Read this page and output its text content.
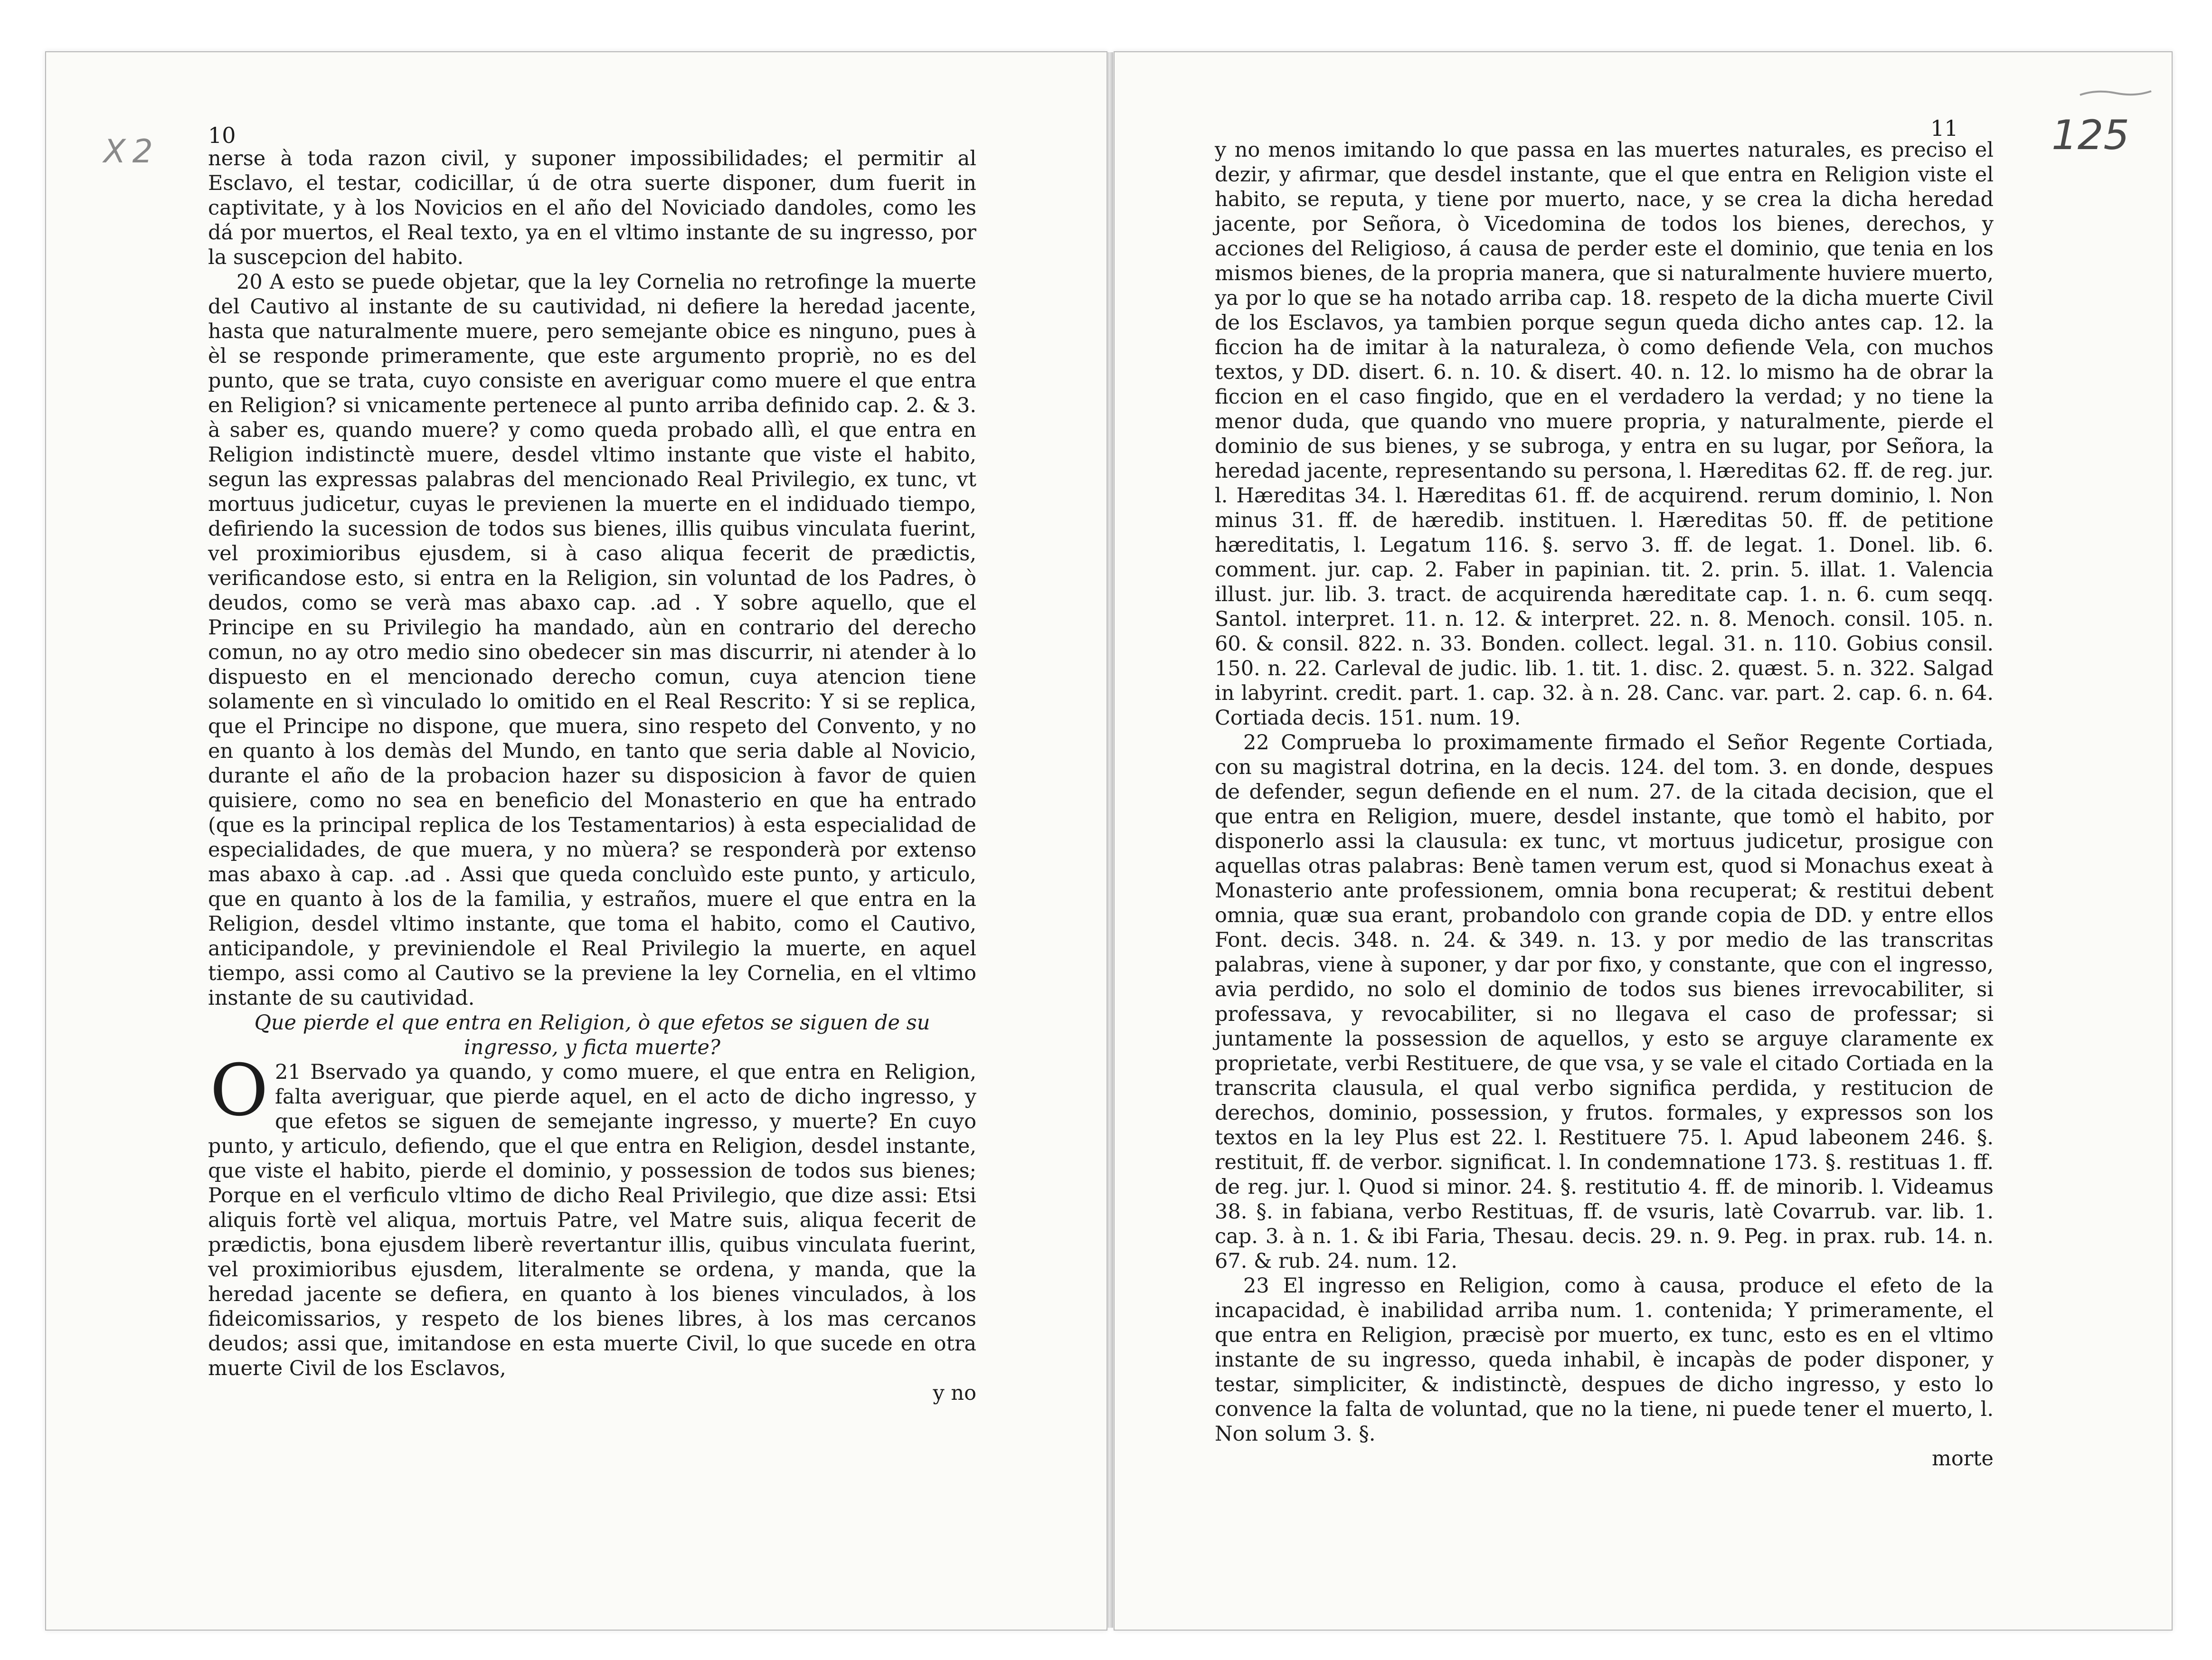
X2 10

nerse à toda razon civil, y suponer impossibilidades; el permitir al Esclavo, el testar, codicillar, ú de otra suerte disponer, dum fuerit in captivitate, y à los Novicios en el año del Noviciado dandoles, como les dá por muertos, el Real texto, ya en el vltimo instante de su ingresso, por la suscepcion del habito.

20 A esto se puede objetar, que la ley Cornelia no retrofinge la muerte del Cautivo al instante de su cautividad, ni defiere la heredad jacente, hasta que naturalmente muere, pero semejante obice es ninguno, pues à èl se responde primeramente, que este argumento propriè, no es del punto, que se trata, cuyo consiste en averiguar como muere el que entra en Religion? si vnicamente pertenece al punto arriba definido cap. 2. & 3. à saber es, quando muere? y como queda probado allì, el que entra en Religion indistinctè muere, desdel vltimo instante que viste el habito, segun las expressas palabras del mencionado Real Privilegio, ex tunc, vt mortuus judicetur, cuyas le previenen la muerte en el indiduado tiempo, defiriendo la sucession de todos sus bienes, illis quibus vinculata fuerint, vel proximioribus ejusdem, si à caso aliqua fecerit de prædictis, verificandose esto, si entra en la Religion, sin voluntad de los Padres, ò deudos, como se verà mas abaxo cap. .ad . Y sobre aquello, que el Principe en su Privilegio ha mandado, aùn en contrario del derecho comun, no ay otro medio sino obedecer sin mas discurrir, ni atender à lo dispuesto en el mencionado derecho comun, cuya atencion tiene solamente en sì vinculado lo omitido en el Real Rescrito: Y si se replica, que el Principe no dispone, que muera, sino respeto del Convento, y no en quanto à los demàs del Mundo, en tanto que seria dable al Novicio, durante el año de la probacion hazer su disposicion à favor de quien quisiere, como no sea en beneficio del Monasterio en que ha entrado (que es la principal replica de los Testamentarios) à esta especialidad de especialidades, de que muera, y no mùera? se responderà por extenso mas abaxo à cap. .ad . Assi que queda concluìdo este punto, y articulo, que en quanto à los de la familia, y estraños, muere el que entra en la Religion, desdel vltimo instante, que toma el habito, como el Cautivo, anticipandole, y previniendole el Real Privilegio la muerte, en aquel tiempo, assi como al Cautivo se la previene la ley Cornelia, en el vltimo instante de su cautividad.

Que pierde el que entra en Religion, ò que efetos se siguen de su ingresso, y ficta muerte?

21
O Bservado ya quando, y como muere, el que entra en Religion, falta averiguar, que pierde aquel, en el acto de dicho ingresso, y que efetos se siguen de semejante ingresso, y muerte? En cuyo punto, y articulo, defiendo, que el que entra en Religion, desdel instante, que viste el habito, pierde el dominio, y possession de todos sus bienes; Porque en el verficulo vltimo de dicho Real Privilegio, que dize assi: Etsi aliquis fortè vel aliqua, mortuis Patre, vel Matre suis, aliqua fecerit de prædictis, bona ejusdem liberè revertantur illis, quibus vinculata fuerint, vel proximioribus ejusdem, literalmente se ordena, y manda, que la heredad jacente se defiera, en quanto à los bienes vinculados, à los fideicomissarios, y respeto de los bienes libres, à los mas cercanos deudos; assi que, imitandose en esta muerte Civil, lo que sucede en otra muerte Civil de los Esclavos,

y no

125
11

y no menos imitando lo que passa en las muertes naturales, es preciso el dezir, y afirmar, que desdel instante, que el que entra en Religion viste el habito, se reputa, y tiene por muerto, nace, y se crea la dicha heredad jacente, por Señora, ò Vicedomina de todos los bienes, derechos, y acciones del Religioso, á causa de perder este el dominio, que tenia en los mismos bienes, de la propria manera, que si naturalmente huviere muerto, ya por lo que se ha notado arriba cap. 18. respeto de la dicha muerte Civil de los Esclavos, ya tambien porque segun queda dicho antes cap. 12. la ficcion ha de imitar à la naturaleza, ò como defiende Vela, con muchos textos, y DD. disert. 6. n. 10. & disert. 40. n. 12. lo mismo ha de obrar la ficcion en el caso fingido, que en el verdadero la verdad; y no tiene la menor duda, que quando vno muere propria, y naturalmente, pierde el dominio de sus bienes, y se subroga, y entra en su lugar, por Señora, la heredad jacente, representando su persona, l. Hæreditas 62. ff. de reg. jur. l. Hæreditas 34. l. Hæreditas 61. ff. de acquirend. rerum dominio, l. Non minus 31. ff. de hæredib. instituen. l. Hæreditas 50. ff. de petitione hæreditatis, l. Legatum 116. §. servo 3. ff. de legat. 1. Donel. lib. 6. comment. jur. cap. 2. Faber in papinian. tit. 2. prin. 5. illat. 1. Valencia illust. jur. lib. 3. tract. de acquirenda hæreditate cap. 1. n. 6. cum seqq. Santol. interpret. 11. n. 12. & interpret. 22. n. 8. Menoch. consil. 105. n. 60. & consil. 822. n. 33. Bonden. collect. legal. 31. n. 110. Gobius consil. 150. n. 22. Carleval de judic. lib. 1. tit. 1. disc. 2. quæst. 5. n. 322. Salgad in labyrint. credit. part. 1. cap. 32. à n. 28. Canc. var. part. 2. cap. 6. n. 64. Cortiada decis. 151. num. 19.

22 Comprueba lo proximamente firmado el Señor Regente Cortiada, con su magistral dotrina, en la decis. 124. del tom. 3. en donde, despues de defender, segun defiende en el num. 27. de la citada decision, que el que entra en Religion, muere, desdel instante, que tomò el habito, por disponerlo assi la clausula: ex tunc, vt mortuus judicetur, prosigue con aquellas otras palabras: Benè tamen verum est, quod si Monachus exeat à Monasterio ante professionem, omnia bona recuperat; & restitui debent omnia, quæ sua erant, probandolo con grande copia de DD. y entre ellos Font. decis. 348. n. 24. & 349. n. 13. y por medio de las transcritas palabras, viene à suponer, y dar por fixo, y constante, que con el ingresso, avia perdido, no solo el dominio de todos sus bienes irrevocabiliter, si professava, y revocabiliter, si no llegava el caso de professar; si juntamente la possession de aquellos, y esto se arguye claramente ex proprietate, verbi Restituere, de que vsa, y se vale el citado Cortiada en la transcrita clausula, el qual verbo significa perdida, y restitucion de derechos, dominio, possession, y frutos. formales, y expressos son los textos en la ley Plus est 22. l. Restituere 75. l. Apud labeonem 246. §. restituit, ff. de verbor. significat. l. In condemnatione 173. §. restituas 1. ff. de reg. jur. l. Quod si minor. 24. §. restitutio 4. ff. de minorib. l. Videamus 38. §. in fabiana, verbo Restituas, ff. de vsuris, latè Covarrub. var. lib. 1. cap. 3. à n. 1. & ibi Faria, Thesau. decis. 29. n. 9. Peg. in prax. rub. 14. n. 67. & rub. 24. num. 12.

23 El ingresso en Religion, como à causa, produce el efeto de la incapacidad, è inabilidad arriba num. 1. contenida; Y primeramente, el que entra en Religion, præcisè por muerto, ex tunc, esto es en el vltimo instante de su ingresso, queda inhabil, è incapàs de poder disponer, y testar, simpliciter, & indistinctè, despues de dicho ingresso, y esto lo convence la falta de voluntad, que no la tiene, ni puede tener el muerto, l. Non solum 3. §.

morte
